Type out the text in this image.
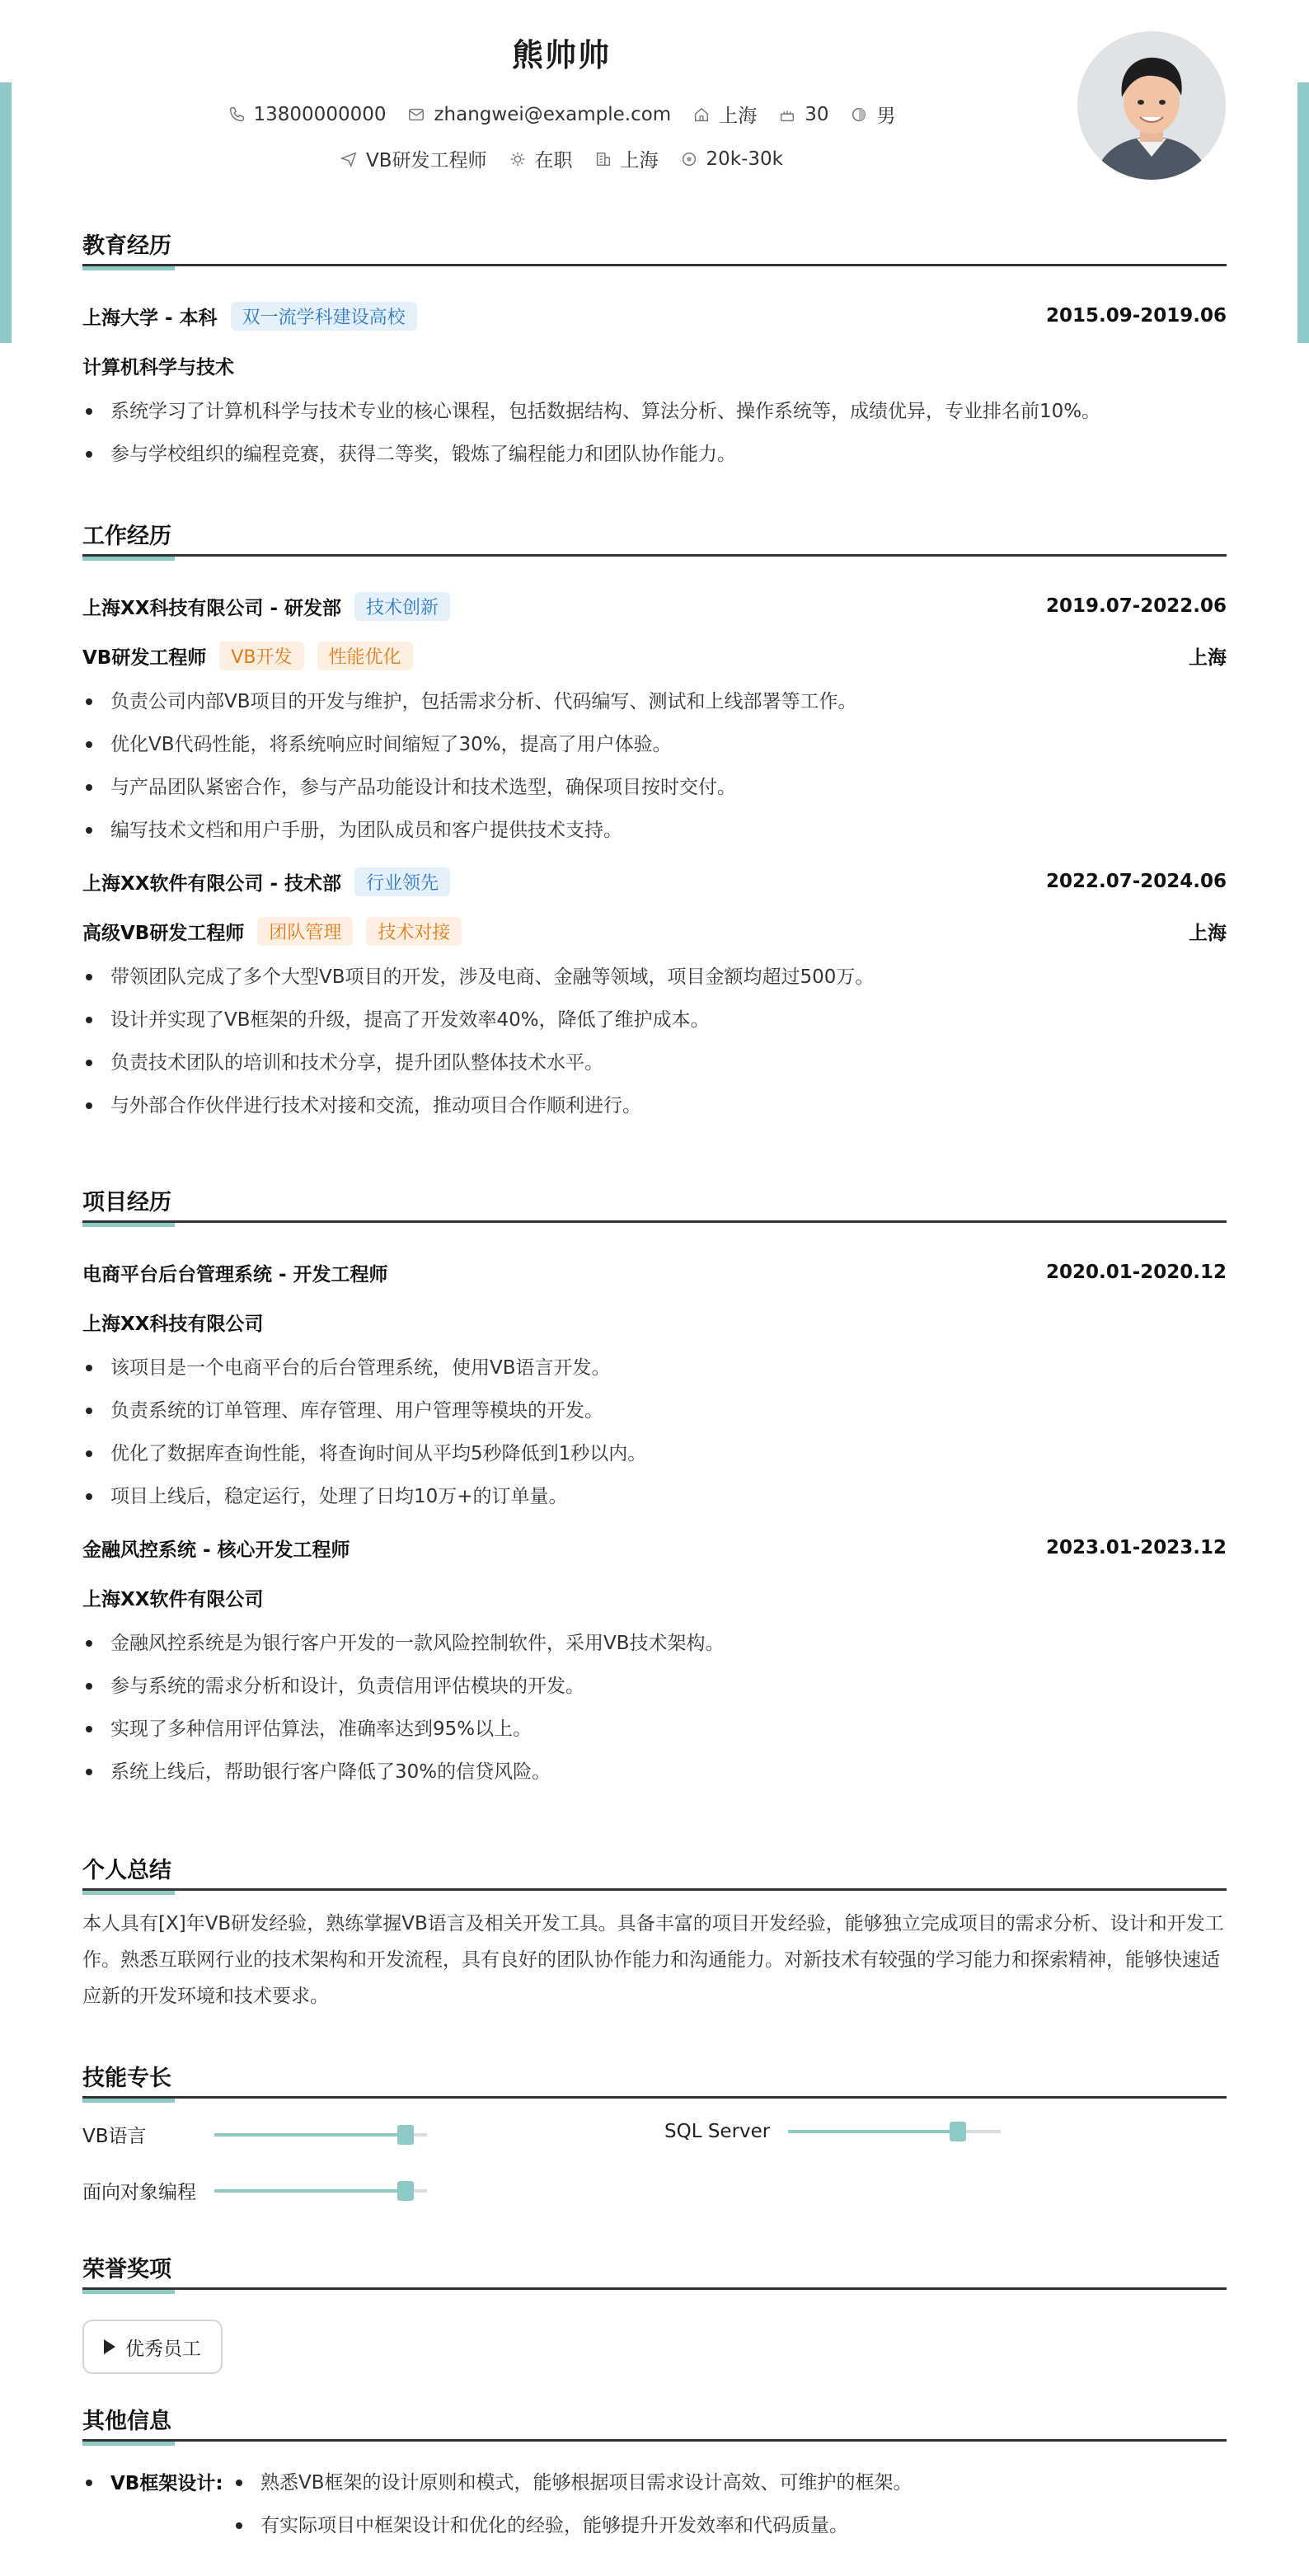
熊帅帅
13800000000	zhangwei@example.com	上海	30	男
VB研发工程师	在职	上海	20k-30k
教育经历
上海大学 - 本科	双一流学科建设高校	2015.09-2019.06
计算机科学与技术
系统学习了计算机科学与技术专业的核心课程，包括数据结构、算法分析、操作系统等，成绩优异，专业排名前10%。
参与学校组织的编程竞赛，获得二等奖，锻炼了编程能力和团队协作能力。
工作经历
上海XX科技有限公司 - 研发部	技术创新	2019.07-2022.06
VB研发工程师	VB开发	性能优化	上海
负责公司内部VB项目的开发与维护，包括需求分析、代码编写、测试和上线部署等工作。
优化VB代码性能，将系统响应时间缩短了30%，提高了用户体验。
与产品团队紧密合作，参与产品功能设计和技术选型，确保项目按时交付。
编写技术文档和用户手册，为团队成员和客户提供技术支持。
上海XX软件有限公司 - 技术部	行业领先	2022.07-2024.06
高级VB研发工程师	团队管理	技术对接	上海
带领团队完成了多个大型VB项目的开发，涉及电商、金融等领域，项目金额均超过500万。
设计并实现了VB框架的升级，提高了开发效率40%，降低了维护成本。
负责技术团队的培训和技术分享，提升团队整体技术水平。
与外部合作伙伴进行技术对接和交流，推动项目合作顺利进行。
项目经历
电商平台后台管理系统 - 开发工程师	2020.01-2020.12
上海XX科技有限公司
该项目是一个电商平台的后台管理系统，使用VB语言开发。
负责系统的订单管理、库存管理、用户管理等模块的开发。
优化了数据库查询性能，将查询时间从平均5秒降低到1秒以内。
项目上线后，稳定运行，处理了日均10万+的订单量。
金融风控系统 - 核心开发工程师	2023.01-2023.12
上海XX软件有限公司
金融风控系统是为银行客户开发的一款风险控制软件，采用VB技术架构。
参与系统的需求分析和设计，负责信用评估模块的开发。
实现了多种信用评估算法，准确率达到95%以上。
系统上线后，帮助银行客户降低了30%的信贷风险。
个人总结
本人具有[X]年VB研发经验，熟练掌握VB语言及相关开发工具。具备丰富的项目开发经验，能够独立完成项目的需求分析、设计和开发工作。熟悉互联网行业的技术架构和开发流程，具有良好的团队协作能力和沟通能力。对新技术有较强的学习能力和探索精神，能够快速适应新的开发环境和技术要求。
技能专长
VB语言	SQL Server
面向对象编程
荣誉奖项
优秀员工
其他信息
VB框架设计: 熟悉VB框架的设计原则和模式，能够根据项目需求设计高效、可维护的框架。
有实际项目中框架设计和优化的经验，能够提升开发效率和代码质量。
